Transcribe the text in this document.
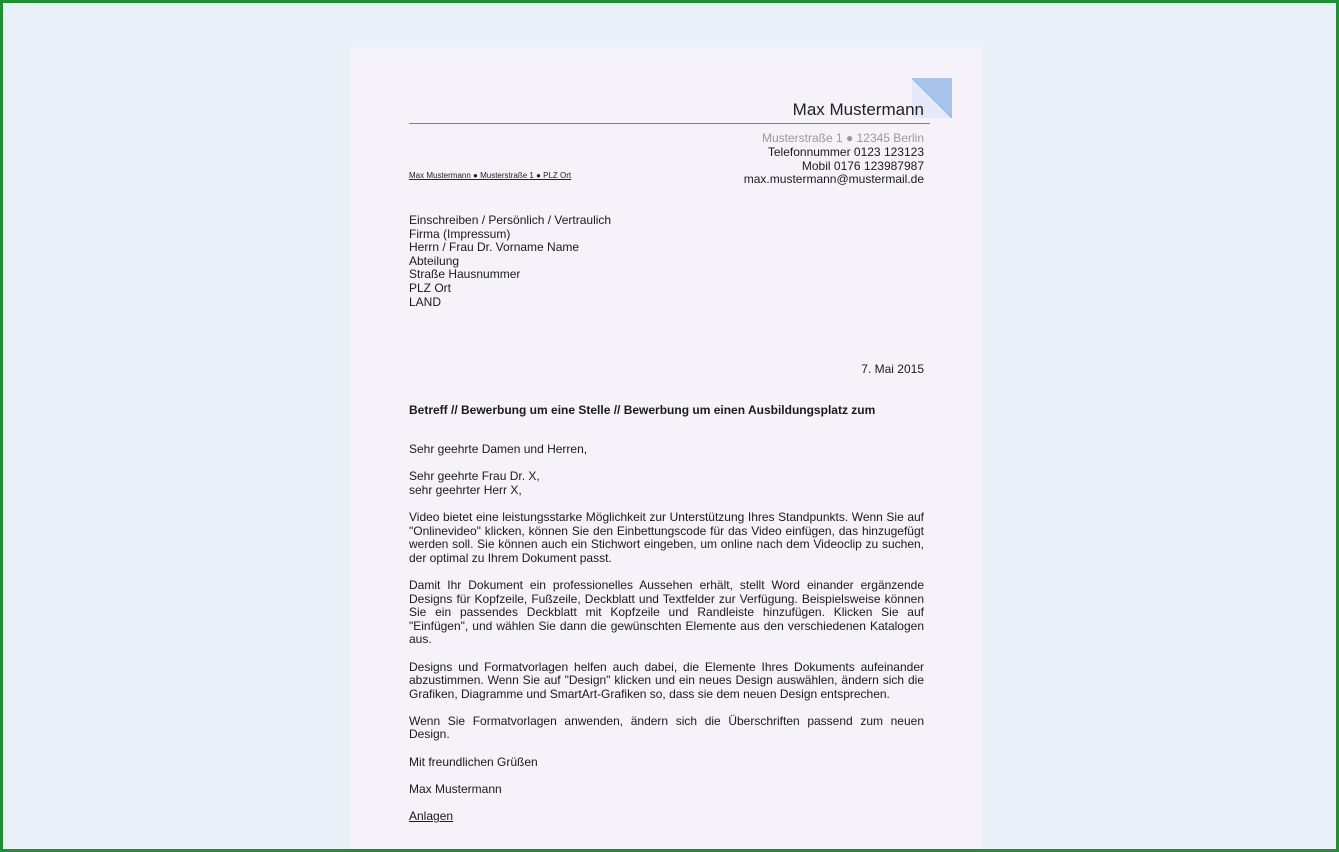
Max Mustermann
Musterstraße 1 ● 12345 Berlin
Telefonnummer 0123 123123
Mobil 0176 123987987
max.mustermann@mustermail.de
Max Mustermann ● Musterstraße 1 ● PLZ Ort
Einschreiben / Persönlich / Vertraulich
Firma (Impressum)
Herrn / Frau Dr. Vorname Name
Abteilung
Straße Hausnummer
PLZ Ort
LAND
7. Mai 2015
Betreff // Bewerbung um eine Stelle // Bewerbung um einen Ausbildungsplatz zum

Sehr geehrte Damen und Herren,

Sehr geehrte Frau Dr. X,
sehr geehrter Herr X,

Video bietet eine leistungsstarke Möglichkeit zur Unterstützung Ihres Standpunkts. Wenn Sie auf "Onlinevideo" klicken, können Sie den Einbettungscode für das Video einfügen, das hinzugefügt werden soll. Sie können auch ein Stichwort eingeben, um online nach dem Videoclip zu suchen, der optimal zu Ihrem Dokument passt.

Damit Ihr Dokument ein professionelles Aussehen erhält, stellt Word einander ergänzende Designs für Kopfzeile, Fußzeile, Deckblatt und Textfelder zur Verfügung. Beispielsweise können Sie ein passendes Deckblatt mit Kopfzeile und Randleiste hinzufügen. Klicken Sie auf "Einfügen", und wählen Sie dann die gewünschten Elemente aus den verschiedenen Katalogen aus.

Designs und Formatvorlagen helfen auch dabei, die Elemente Ihres Dokuments aufeinander abzustimmen. Wenn Sie auf "Design" klicken und ein neues Design auswählen, ändern sich die Grafiken, Diagramme und SmartArt-Grafiken so, dass sie dem neuen Design entsprechen.

Wenn Sie Formatvorlagen anwenden, ändern sich die Überschriften passend zum neuen Design.

Mit freundlichen Grüßen

Max Mustermann
Anlagen
